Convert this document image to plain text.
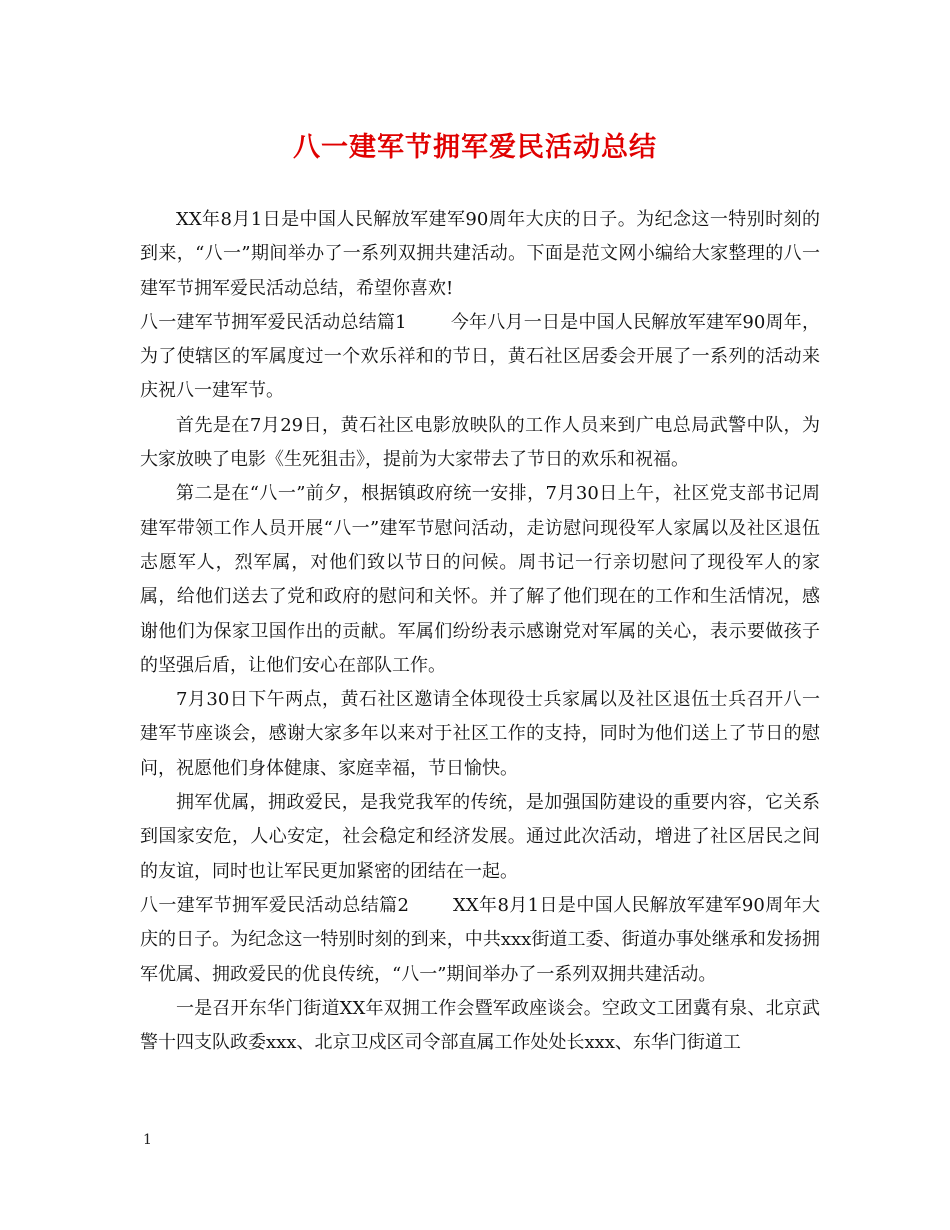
八一建军节拥军爱民活动总结

XX年8月1日是中国人民解放军建军90周年大庆的日子。为纪念这一特别时刻的到来，“八一”期间举办了一系列双拥共建活动。下面是范文网小编给大家整理的八一建军节拥军爱民活动总结，希望你喜欢!

八一建军节拥军爱民活动总结篇1 今年八月一日是中国人民解放军建军90周年，为了使辖区的军属度过一个欢乐祥和的节日，黄石社区居委会开展了一系列的活动来庆祝八一建军节。

首先是在7月29日，黄石社区电影放映队的工作人员来到广电总局武警中队，为大家放映了电影《生死狙击》，提前为大家带去了节日的欢乐和祝福。

第二是在“八一”前夕，根据镇政府统一安排，7月30日上午，社区党支部书记周建军带领工作人员开展“八一”建军节慰问活动，走访慰问现役军人家属以及社区退伍志愿军人，烈军属，对他们致以节日的问候。周书记一行亲切慰问了现役军人的家属，给他们送去了党和政府的慰问和关怀。并了解了他们现在的工作和生活情况，感谢他们为保家卫国作出的贡献。军属们纷纷表示感谢党对军属的关心，表示要做孩子的坚强后盾，让他们安心在部队工作。

7月30日下午两点，黄石社区邀请全体现役士兵家属以及社区退伍士兵召开八一建军节座谈会，感谢大家多年以来对于社区工作的支持，同时为他们送上了节日的慰问，祝愿他们身体健康、家庭幸福，节日愉快。

拥军优属，拥政爱民，是我党我军的传统，是加强国防建设的重要内容，它关系到国家安危，人心安定，社会稳定和经济发展。通过此次活动，增进了社区居民之间的友谊，同时也让军民更加紧密的团结在一起。

八一建军节拥军爱民活动总结篇2 XX年8月1日是中国人民解放军建军90周年大庆的日子。为纪念这一特别时刻的到来，中共xxx街道工委、街道办事处继承和发扬拥军优属、拥政爱民的优良传统，“八一”期间举办了一系列双拥共建活动。

一是召开东华门街道XX年双拥工作会暨军政座谈会。空政文工团冀有泉、北京武警十四支队政委xxx、北京卫戍区司令部直属工作处处长xxx、东华门街道工

1
